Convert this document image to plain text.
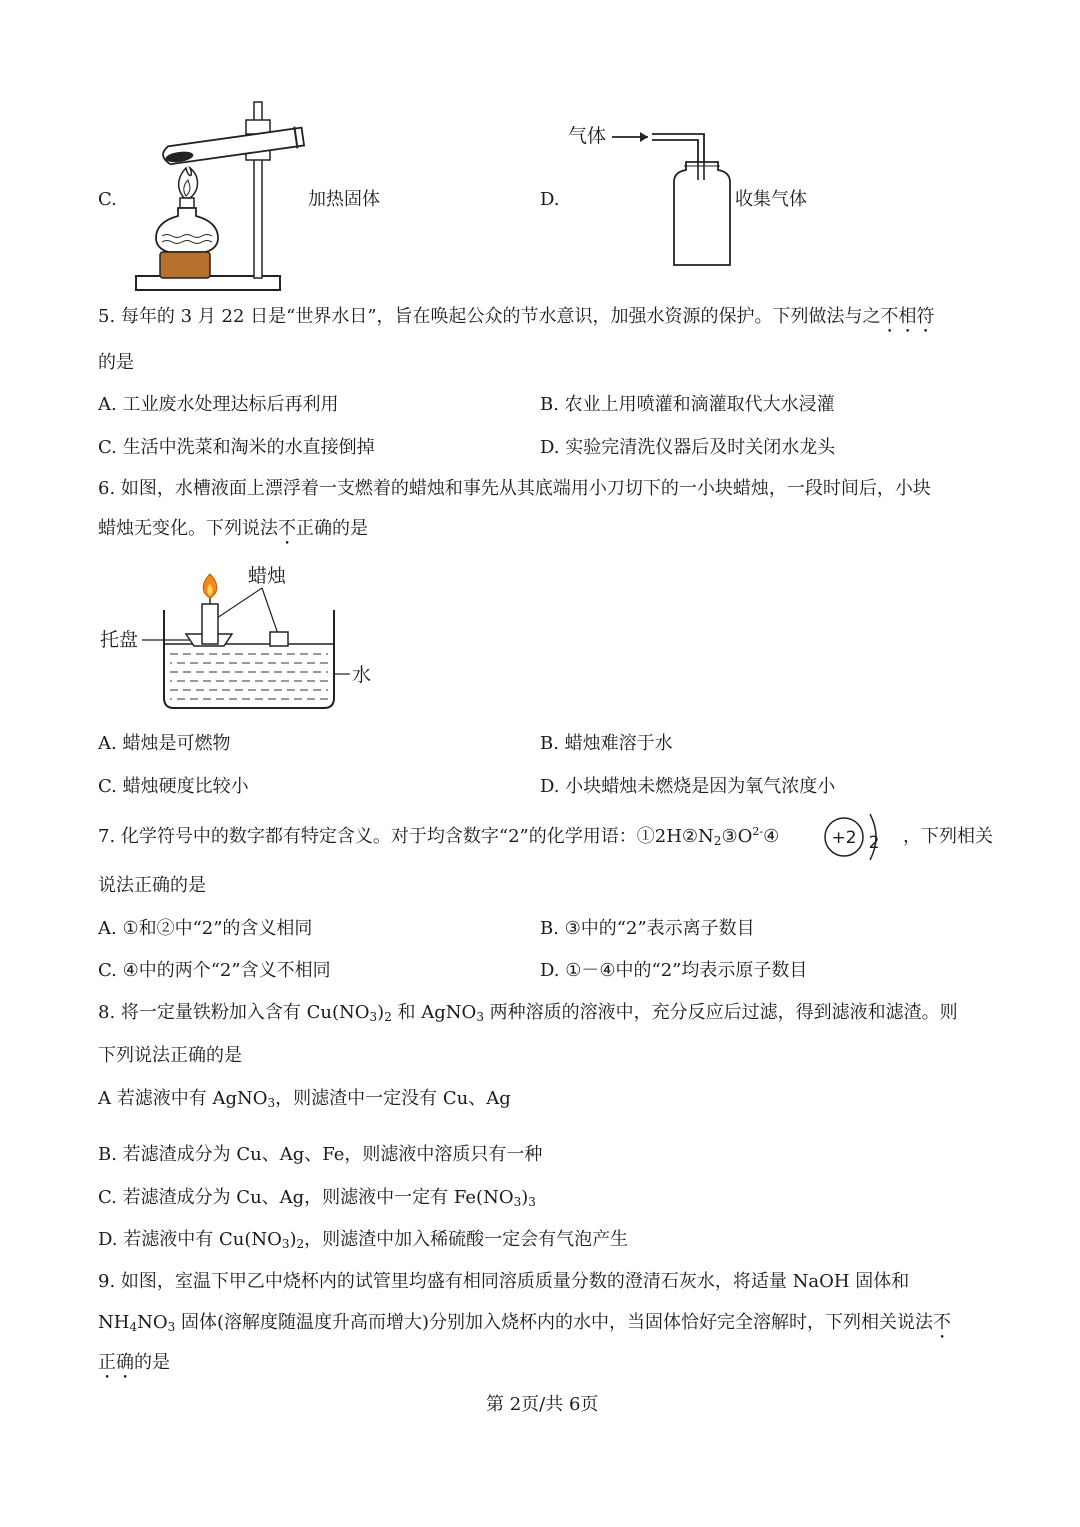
C.	加热固体	D.
气体
收集气体
5. 每年的 3 月 22 日是“世界水日”，旨在唤起公众的节水意识，加强水资源的保护。下列做法与之不相符
的是
A. 工业废水处理达标后再利用	B. 农业上用喷灌和滴灌取代大水浸灌
C. 生活中洗菜和淘米的水直接倒掉	D. 实验完清洗仪器后及时关闭水龙头
6. 如图，水槽液面上漂浮着一支燃着的蜡烛和事先从其底端用小刀切下的一小块蜡烛，一段时间后，小块
蜡烛无变化。下列说法不正确的是
蜡烛
托盘
水
A. 蜡烛是可燃物	B. 蜡烛难溶于水
C. 蜡烛硬度比较小	D. 小块蜡烛未燃烧是因为氧气浓度小
7. 化学符号中的数字都有特定含义。对于均含数字“2”的化学用语：$①2H②N_2③O^{2-}④$	+2 2 ，下列相关
说法正确的是
A. ①和②中“2”的含义相同	B. ③中的“2”表示离子数目
C. ④中的两个“2”含义不相同	D. ①－④中的“2”均表示原子数目
8. 将一定量铁粉加入含有 $Cu(NO_3)_2$ 和 AgNO$_3$ 两种溶质的溶液中，充分反应后过滤，得到滤液和滤渣。则
下列说法正确的是
A 若滤液中有 AgNO$_3$，则滤渣中一定没有 Cu、Ag
B. 若滤渣成分为 Cu、Ag、Fe，则滤液中溶质只有一种
C. 若滤渣成分为 Cu、Ag，则滤液中一定有 $Fe(NO_3)_3$
D. 若滤液中有 $Cu(NO_3)_2$，则滤渣中加入稀硫酸一定会有气泡产生
9. 如图，室温下甲乙中烧杯内的试管里均盛有相同溶质质量分数的澄清石灰水，将适量 NaOH 固体和
$NH_4NO_3$ 固体(溶解度随温度升高而增大)分别加入烧杯内的水中，当固体恰好完全溶解时，下列相关说法不
正确的是
第 2页/共 6页
